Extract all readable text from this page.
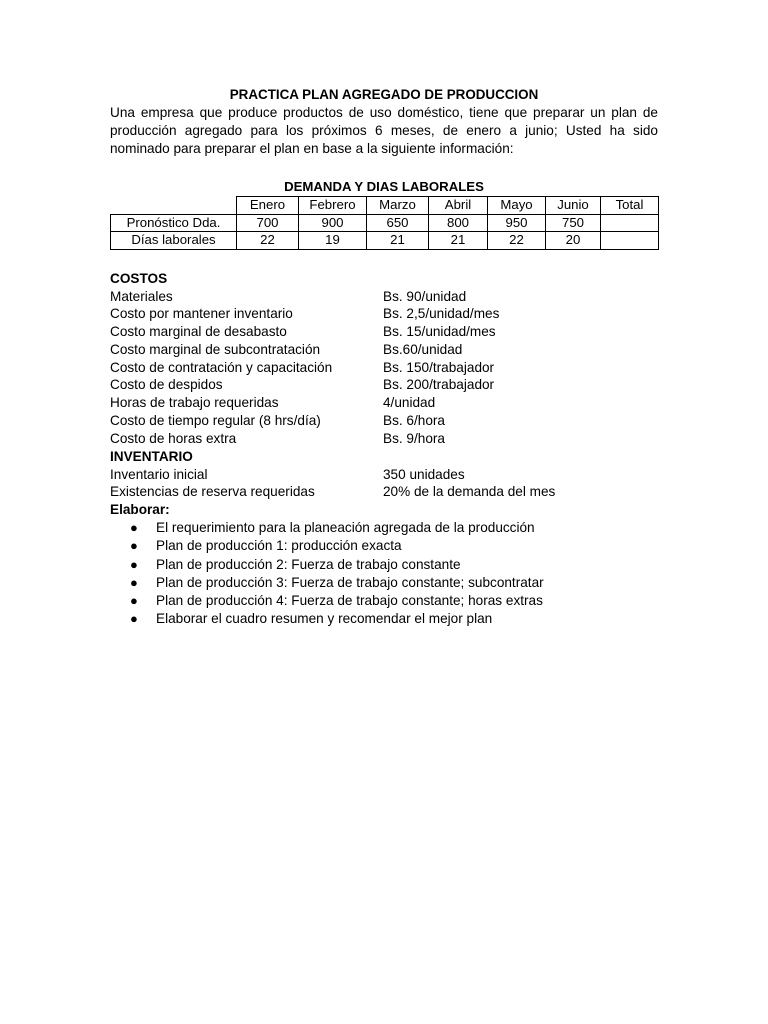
PRACTICA PLAN AGREGADO DE PRODUCCION

Una empresa que produce productos de uso doméstico, tiene que preparar un plan de producción agregado para los próximos 6 meses, de enero a junio; Usted ha sido nominado para preparar el plan en base a la siguiente información:

DEMANDA Y DIAS LABORALES
	Enero	Febrero	Marzo	Abril	Mayo	Junio	Total
Pronóstico Dda.	700	900	650	800	950	750	
Días laborales	22	19	21	21	22	20	
COSTOS
Materiales	Bs. 90/unidad
Costo por mantener inventario	Bs. 2,5/unidad/mes
Costo marginal de desabasto	Bs. 15/unidad/mes
Costo marginal de subcontratación	Bs.60/unidad
Costo de contratación y capacitación	Bs. 150/trabajador
Costo de despidos	Bs. 200/trabajador
Horas de trabajo requeridas	4/unidad
Costo de tiempo regular (8 hrs/día)	Bs. 6/hora
Costo de horas extra	Bs. 9/hora
INVENTARIO
Inventario inicial	350 unidades
Existencias de reserva requeridas	20% de la demanda del mes
Elaborar:
●	El requerimiento para la planeación agregada de la producción
●	Plan de producción 1: producción exacta
●	Plan de producción 2: Fuerza de trabajo constante
●	Plan de producción 3: Fuerza de trabajo constante; subcontratar
●	Plan de producción 4: Fuerza de trabajo constante; horas extras
●	Elaborar el cuadro resumen y recomendar el mejor plan
